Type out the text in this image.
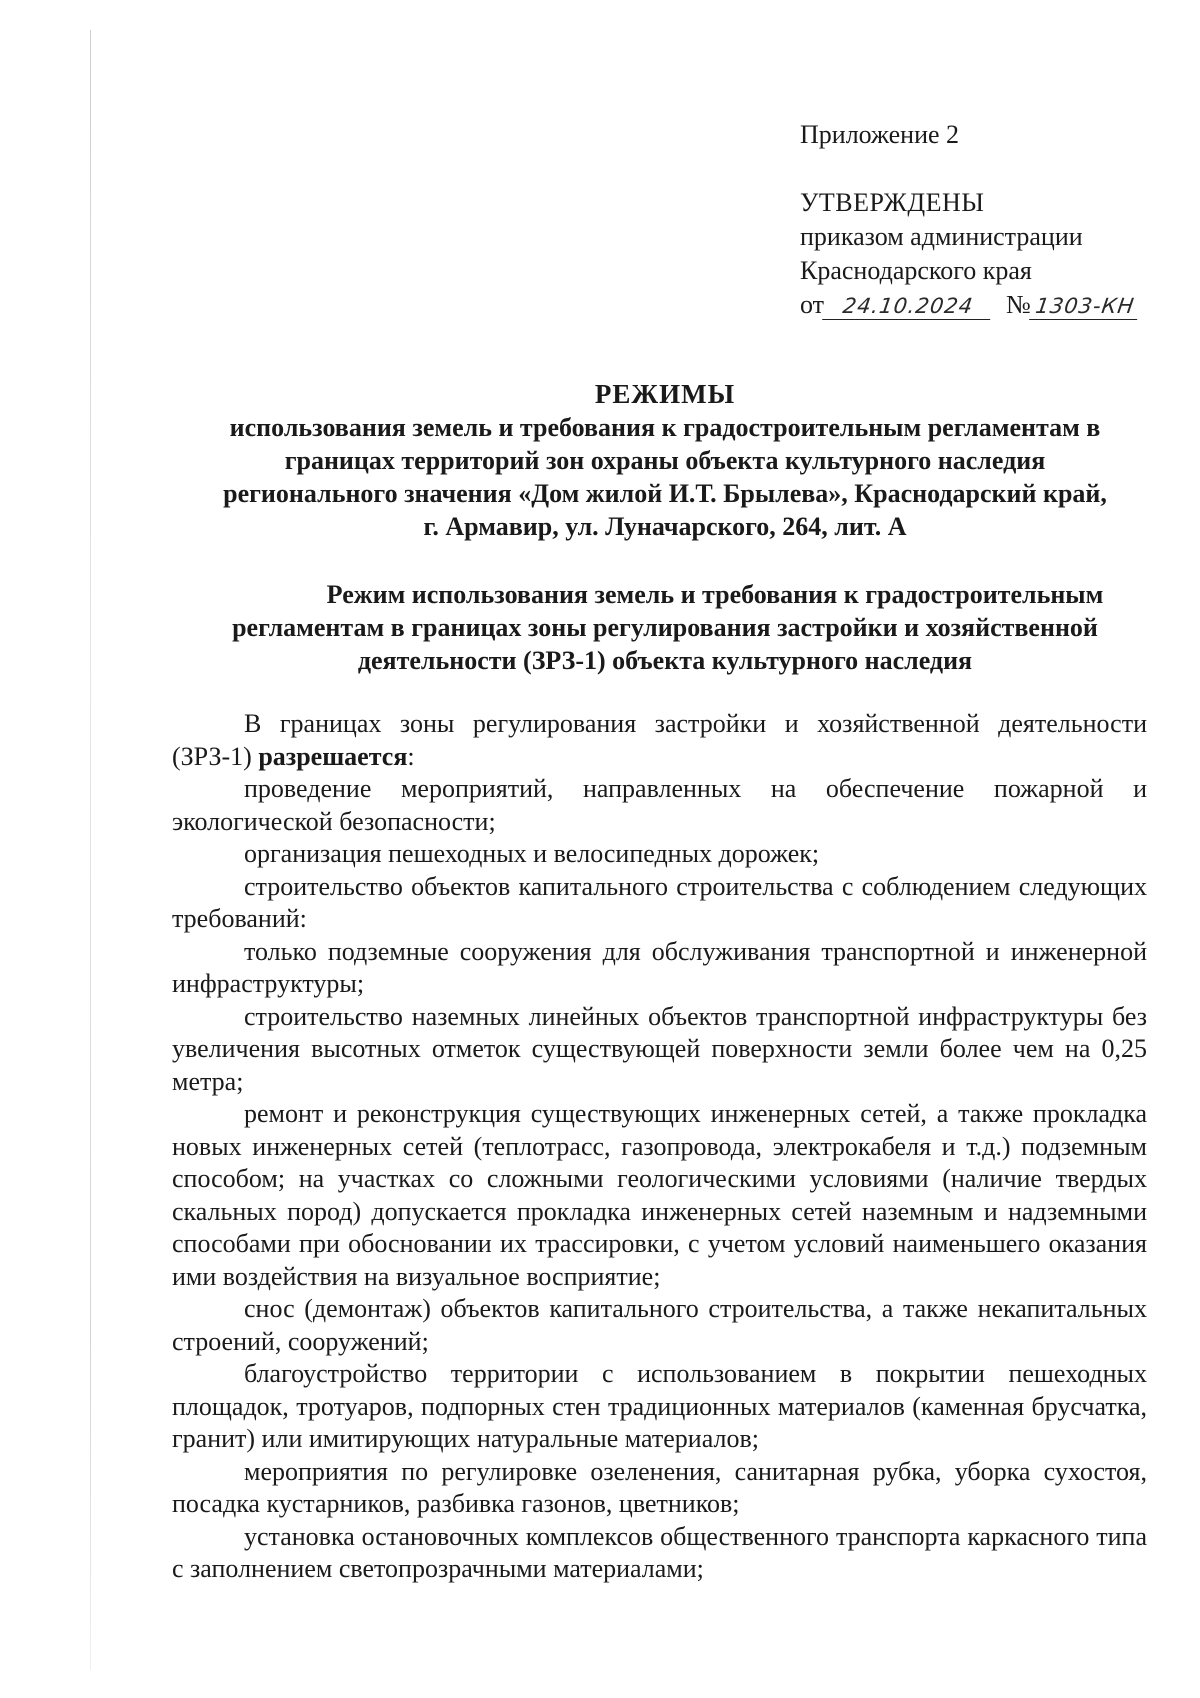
Приложение 2
УТВЕРЖДЕНЫ
приказом администрации
Краснодарского края
от 24.10.2024 № 1303-КН
РЕЖИМЫ
использования земель и требования к градостроительным регламентам в
границах территорий зон охраны объекта культурного наследия
регионального значения «Дом жилой И.Т. Брылева», Краснодарский край,
г. Армавир, ул. Луначарского, 264, лит. А
Режим использования земель и требования к градостроительным
регламентам в границах зоны регулирования застройки и хозяйственной
деятельности (ЗРЗ-1) объекта культурного наследия

В границах зоны регулирования застройки и хозяйственной деятельности (ЗРЗ-1) разрешается:

проведение мероприятий, направленных на обеспечение пожарной и экологической безопасности;

организация пешеходных и велосипедных дорожек;

строительство объектов капитального строительства с соблюдением следующих требований:

только подземные сооружения для обслуживания транспортной и инженерной инфраструктуры;

строительство наземных линейных объектов транспортной инфраструктуры без увеличения высотных отметок существующей поверхности земли более чем на 0,25 метра;

ремонт и реконструкция существующих инженерных сетей, а также прокладка новых инженерных сетей (теплотрасс, газопровода, электрокабеля и т.д.) подземным способом; на участках со сложными геологическими условиями (наличие твердых скальных пород) допускается прокладка инженерных сетей наземным и надземными способами при обосновании их трассировки, с учетом условий наименьшего оказания ими воздействия на визуальное восприятие;

снос (демонтаж) объектов капитального строительства, а также некапитальных строений, сооружений;

благоустройство территории с использованием в покрытии пешеходных площадок, тротуаров, подпорных стен традиционных материалов (каменная брусчатка, гранит) или имитирующих натуральные материалов;

мероприятия по регулировке озеленения, санитарная рубка, уборка сухостоя, посадка кустарников, разбивка газонов, цветников;

установка остановочных комплексов общественного транспорта каркасного типа с заполнением светопрозрачными материалами;
